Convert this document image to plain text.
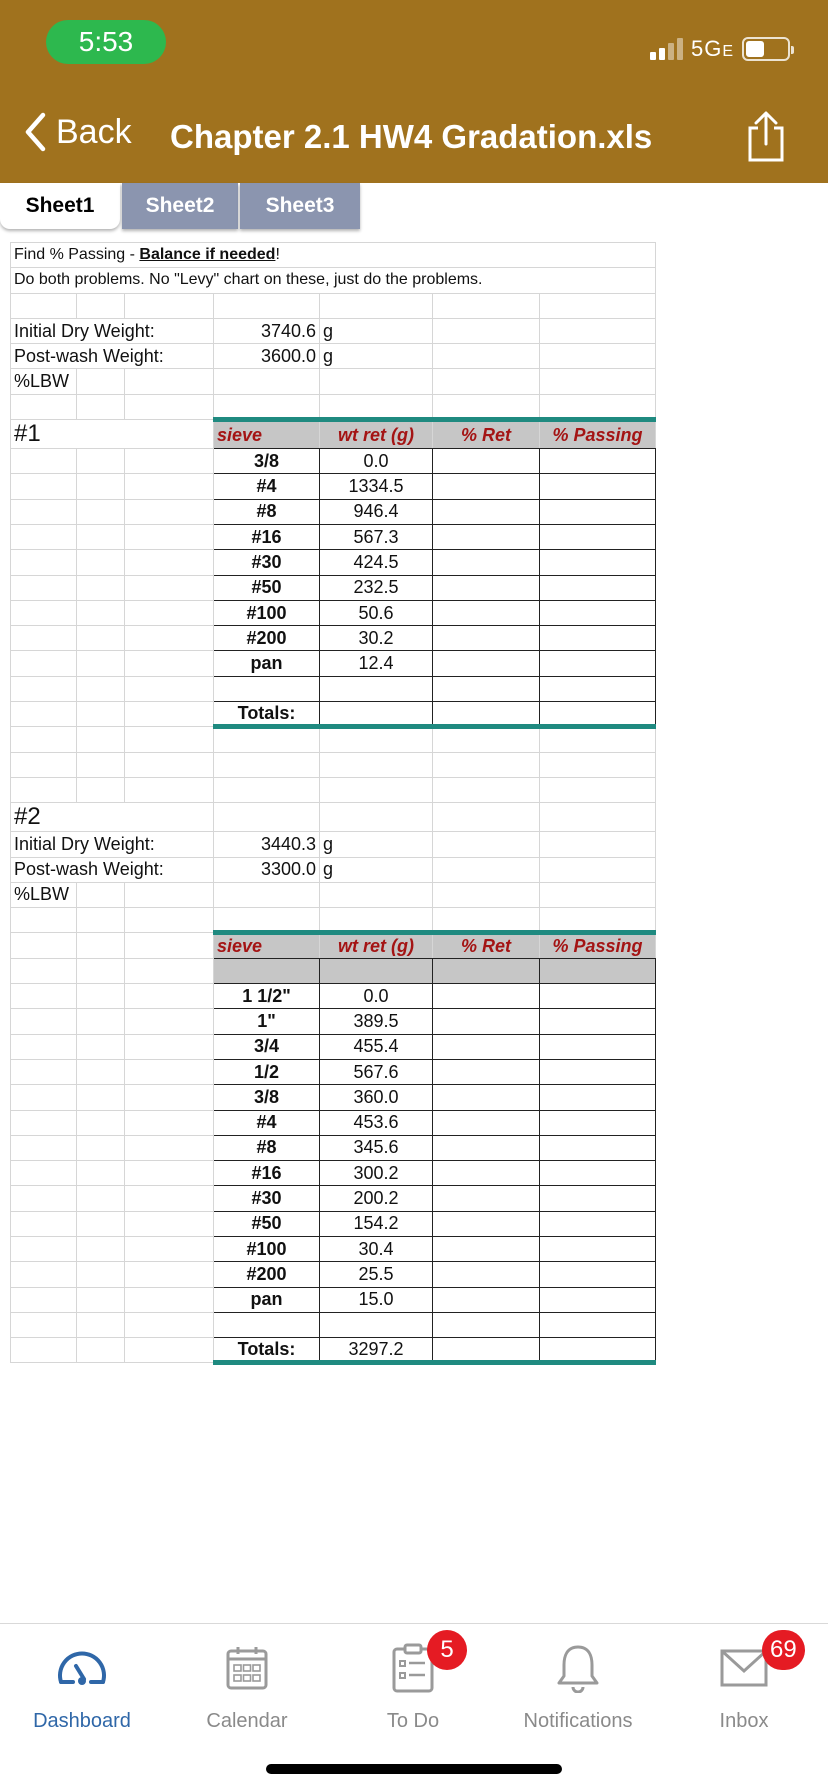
5:53	5GE
Back Chapter 2.1 HW4 Gradation.xls
Sheet1	Sheet2	Sheet3
Find % Passing - Balance if needed!						
Do both problems. No "Levy" chart on these, just do the problems.						

Initial Dry Weight:			3740.6	g		
Post-wash Weight:			3600.0	g		
%LBW						

#1			sieve	wt ret (g)	% Ret	% Passing
			3/8	0.0		
			#4	1334.5		
			#8	946.4		
			#16	567.3		
			#30	424.5		
			#50	232.5		
			#100	50.6		
			#200	30.2		
			pan	12.4		

			Totals:			

#2						
Initial Dry Weight:			3440.3	g		
Post-wash Weight:			3300.0	g		
%LBW						

			sieve	wt ret (g)	% Ret	% Passing

			1 1/2"	0.0		
			1"	389.5		
			3/4	455.4		
			1/2	567.6		
			3/8	360.0		
			#4	453.6		
			#8	345.6		
			#16	300.2		
			#30	200.2		
			#50	154.2		
			#100	30.4		
			#200	25.5		
			pan	15.0		

			Totals:	3297.2		
Dashboard	Calendar
5
To Do	Notifications
69
Inbox
